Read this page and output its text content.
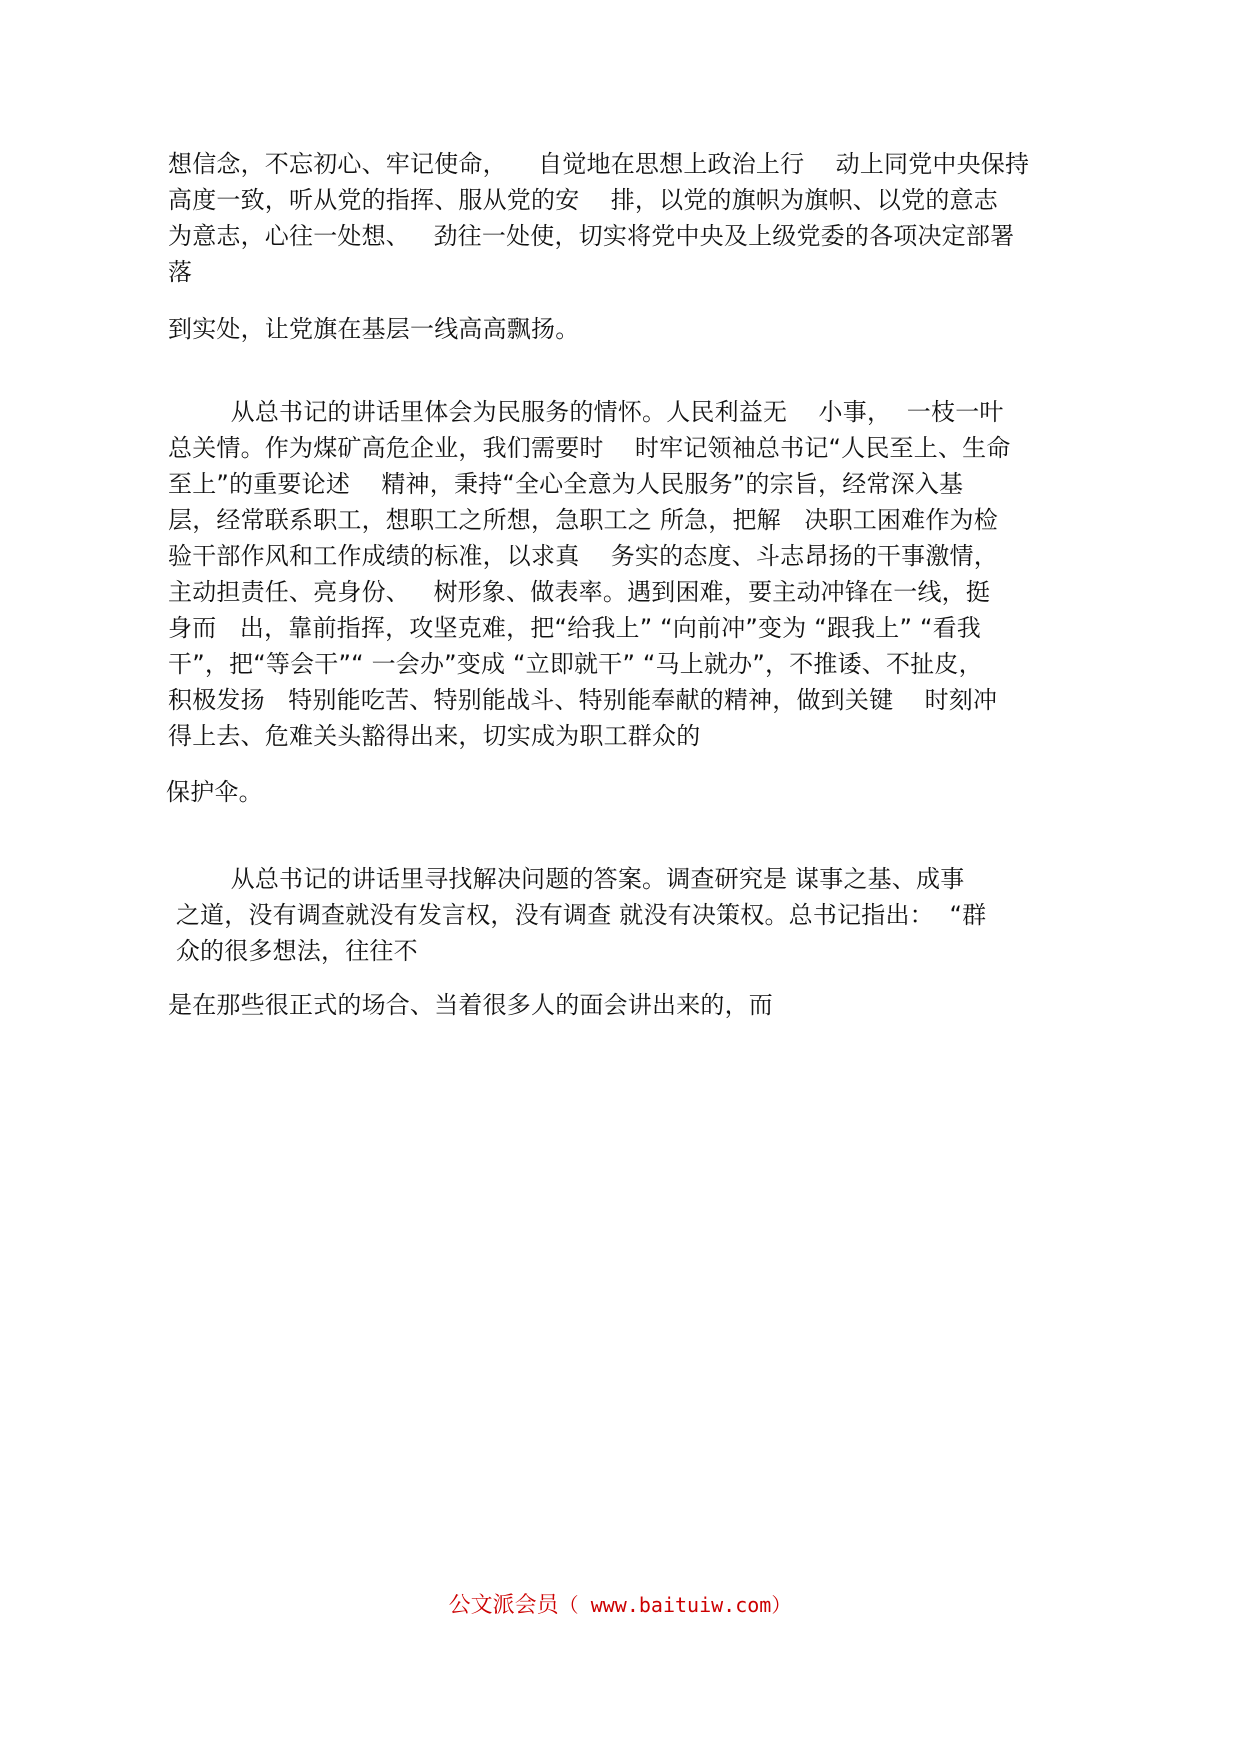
想信念，不忘初心、牢记使命，    自觉地在思想上政治上行    动上同党中央保持
高度一致，听从党的指挥、服从党的安    排，以党的旗帜为旗帜、以党的意志
为意志，心往一处想、   劲往一处使，切实将党中央及上级党委的各项决定部署
落
到实处，让党旗在基层一线高高飘扬。
从总书记的讲话里体会为民服务的情怀。人民利益无    小事，  一枝一叶
总关情。作为煤矿高危企业，我们需要时    时牢记领袖总书记“人民至上、生命
至上”的重要论述    精神，秉持“全心全意为人民服务”的宗旨，经常深入基
层，经常联系职工，想职工之所想，急职工之 所急，把解   决职工困难作为检
验干部作风和工作成绩的标准，以求真    务实的态度、斗志昂扬的干事激情，
主动担责任、亮身份、   树形象、做表率。遇到困难，要主动冲锋在一线，挺
身而   出，靠前指挥，攻坚克难，把“给我上” “向前冲”变为 “跟我上” “看我
干”，把“等会干”“ 一会办”变成 “立即就干” “马上就办”，不推诿、不扯皮，
积极发扬   特别能吃苦、特别能战斗、特别能奉献的精神，做到关键    时刻冲
得上去、危难关头豁得出来，切实成为职工群众的
保护伞。
从总书记的讲话里寻找解决问题的答案。调查研究是 谋事之基、成事
之道，没有调查就没有发言权，没有调查 就没有决策权。总书记指出：  “群
众的很多想法，往往不
是在那些很正式的场合、当着很多人的面会讲出来的，而
公文派会员（ www.baituiw.com）
